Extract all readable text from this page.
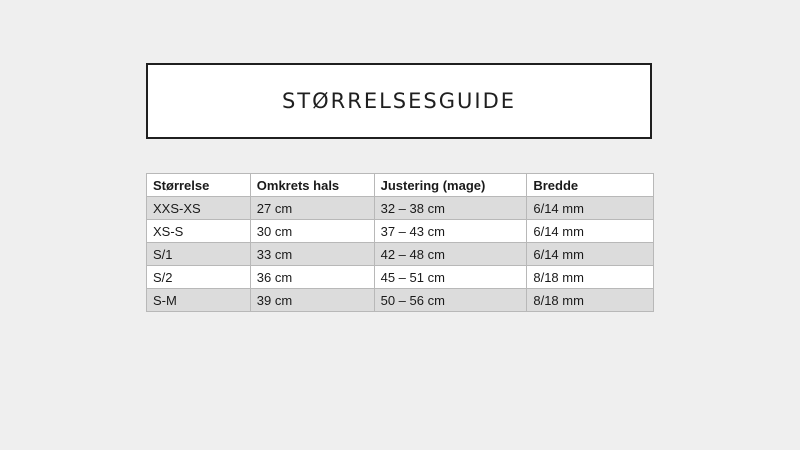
STØRRELSESGUIDE
Størrelse	Omkrets hals	Justering (mage)	Bredde
XXS-XS	27 cm	32 – 38 cm	6/14 mm
XS-S	30 cm	37 – 43 cm	6/14 mm
S/1	33 cm	42 – 48 cm	6/14 mm
S/2	36 cm	45 – 51 cm	8/18 mm
S-M	39 cm	50 – 56 cm	8/18 mm
